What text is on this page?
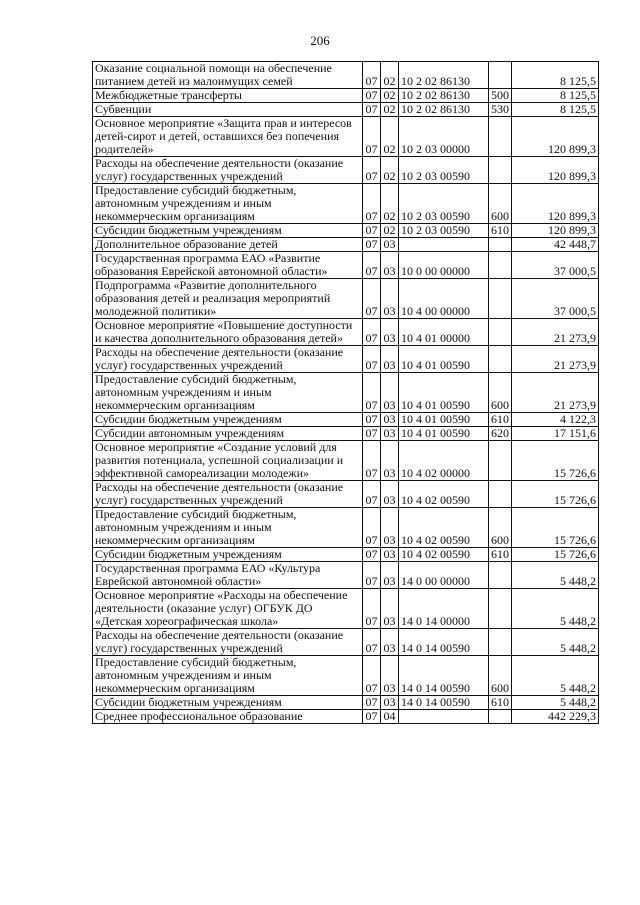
206
Оказание социальной помощи на обеспечение питанием детей из малоимущих семей	07	02	10 2 02 86130		8 125,5
Межбюджетные трансферты	07	02	10 2 02 86130	500	8 125,5
Субвенции	07	02	10 2 02 86130	530	8 125,5
Основное мероприятие «Защита прав и интересов детей-сирот и детей, оставшихся без попечения родителей»	07	02	10 2 03 00000		120 899,3
Расходы на обеспечение деятельности (оказание услуг) государственных учреждений	07	02	10 2 03 00590		120 899,3
Предоставление субсидий бюджетным, автономным учреждениям и иным некоммерческим организациям	07	02	10 2 03 00590	600	120 899,3
Субсидии бюджетным учреждениям	07	02	10 2 03 00590	610	120 899,3
Дополнительное образование детей	07	03			42 448,7
Государственная программа ЕАО «Развитие образования Еврейской автономной области»	07	03	10 0 00 00000		37 000,5
Подпрограмма «Развитие дополнительного образования детей и реализация мероприятий молодежной политики»	07	03	10 4 00 00000		37 000,5
Основное мероприятие «Повышение доступности и качества дополнительного образования детей»	07	03	10 4 01 00000		21 273,9
Расходы на обеспечение деятельности (оказание услуг) государственных учреждений	07	03	10 4 01 00590		21 273,9
Предоставление субсидий бюджетным, автономным учреждениям и иным некоммерческим организациям	07	03	10 4 01 00590	600	21 273,9
Субсидии бюджетным учреждениям	07	03	10 4 01 00590	610	4 122,3
Субсидии автономным учреждениям	07	03	10 4 01 00590	620	17 151,6
Основное мероприятие «Создание условий для развития потенциала, успешной социализации и эффективной самореализации молодежи»	07	03	10 4 02 00000		15 726,6
Расходы на обеспечение деятельности (оказание услуг) государственных учреждений	07	03	10 4 02 00590		15 726,6
Предоставление субсидий бюджетным, автономным учреждениям и иным некоммерческим организациям	07	03	10 4 02 00590	600	15 726,6
Субсидии бюджетным учреждениям	07	03	10 4 02 00590	610	15 726,6
Государственная программа ЕАО «Культура Еврейской автономной области»	07	03	14 0 00 00000		5 448,2
Основное мероприятие «Расходы на обеспечение деятельности (оказание услуг) ОГБУК ДО «Детская хореографическая школа»	07	03	14 0 14 00000		5 448,2
Расходы на обеспечение деятельности (оказание услуг) государственных учреждений	07	03	14 0 14 00590		5 448,2
Предоставление субсидий бюджетным, автономным учреждениям и иным некоммерческим организациям	07	03	14 0 14 00590	600	5 448,2
Субсидии бюджетным учреждениям	07	03	14 0 14 00590	610	5 448,2
Среднее профессиональное образование	07	04			442 229,3
